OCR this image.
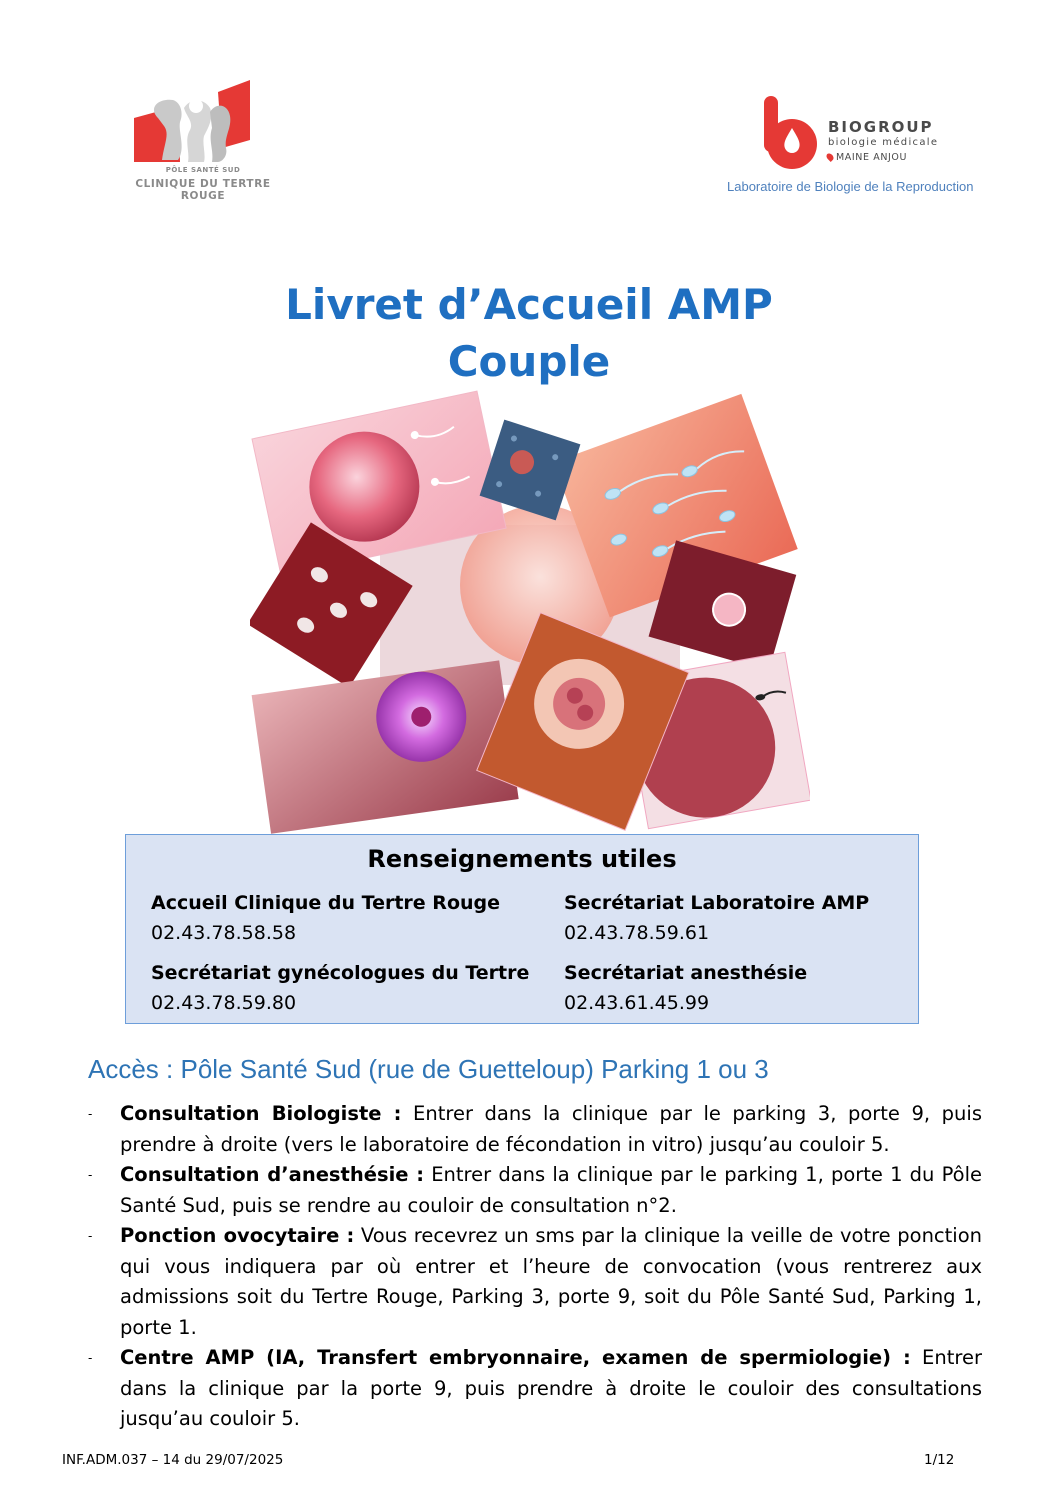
PÔLE SANTÉ SUD
CLINIQUE DU TERTRE ROUGE
BIOGROUP
biologie médicale
MAINE ANJOU
Laboratoire de Biologie de la Reproduction
Livret d’Accueil AMP
Couple
Renseignements utiles
Accueil Clinique du Tertre Rouge
02.43.78.58.58
Secrétariat Laboratoire AMP
02.43.78.59.61
Secrétariat gynécologues du Tertre
02.43.78.59.80
Secrétariat anesthésie
02.43.61.45.99
Accès : Pôle Santé Sud (rue de Guetteloup) Parking 1 ou 3
- Consultation Biologiste : Entrer dans la clinique par le parking 3, porte 9, puis prendre à droite (vers le laboratoire de fécondation in vitro) jusqu’au couloir 5.
- Consultation d’anesthésie : Entrer dans la clinique par le parking 1, porte 1 du Pôle Santé Sud, puis se rendre au couloir de consultation n°2.
- Ponction ovocytaire : Vous recevrez un sms par la clinique la veille de votre ponction qui vous indiquera par où entrer et l’heure de convocation (vous rentrerez aux admissions soit du Tertre Rouge, Parking 3, porte 9, soit du Pôle Santé Sud, Parking 1, porte 1.
- Centre AMP (IA, Transfert embryonnaire, examen de spermiologie) : Entrer dans la clinique par la porte 9, puis prendre à droite le couloir des consultations jusqu’au couloir 5.
INF.ADM.037 – 14 du 29/07/2025	1/12
